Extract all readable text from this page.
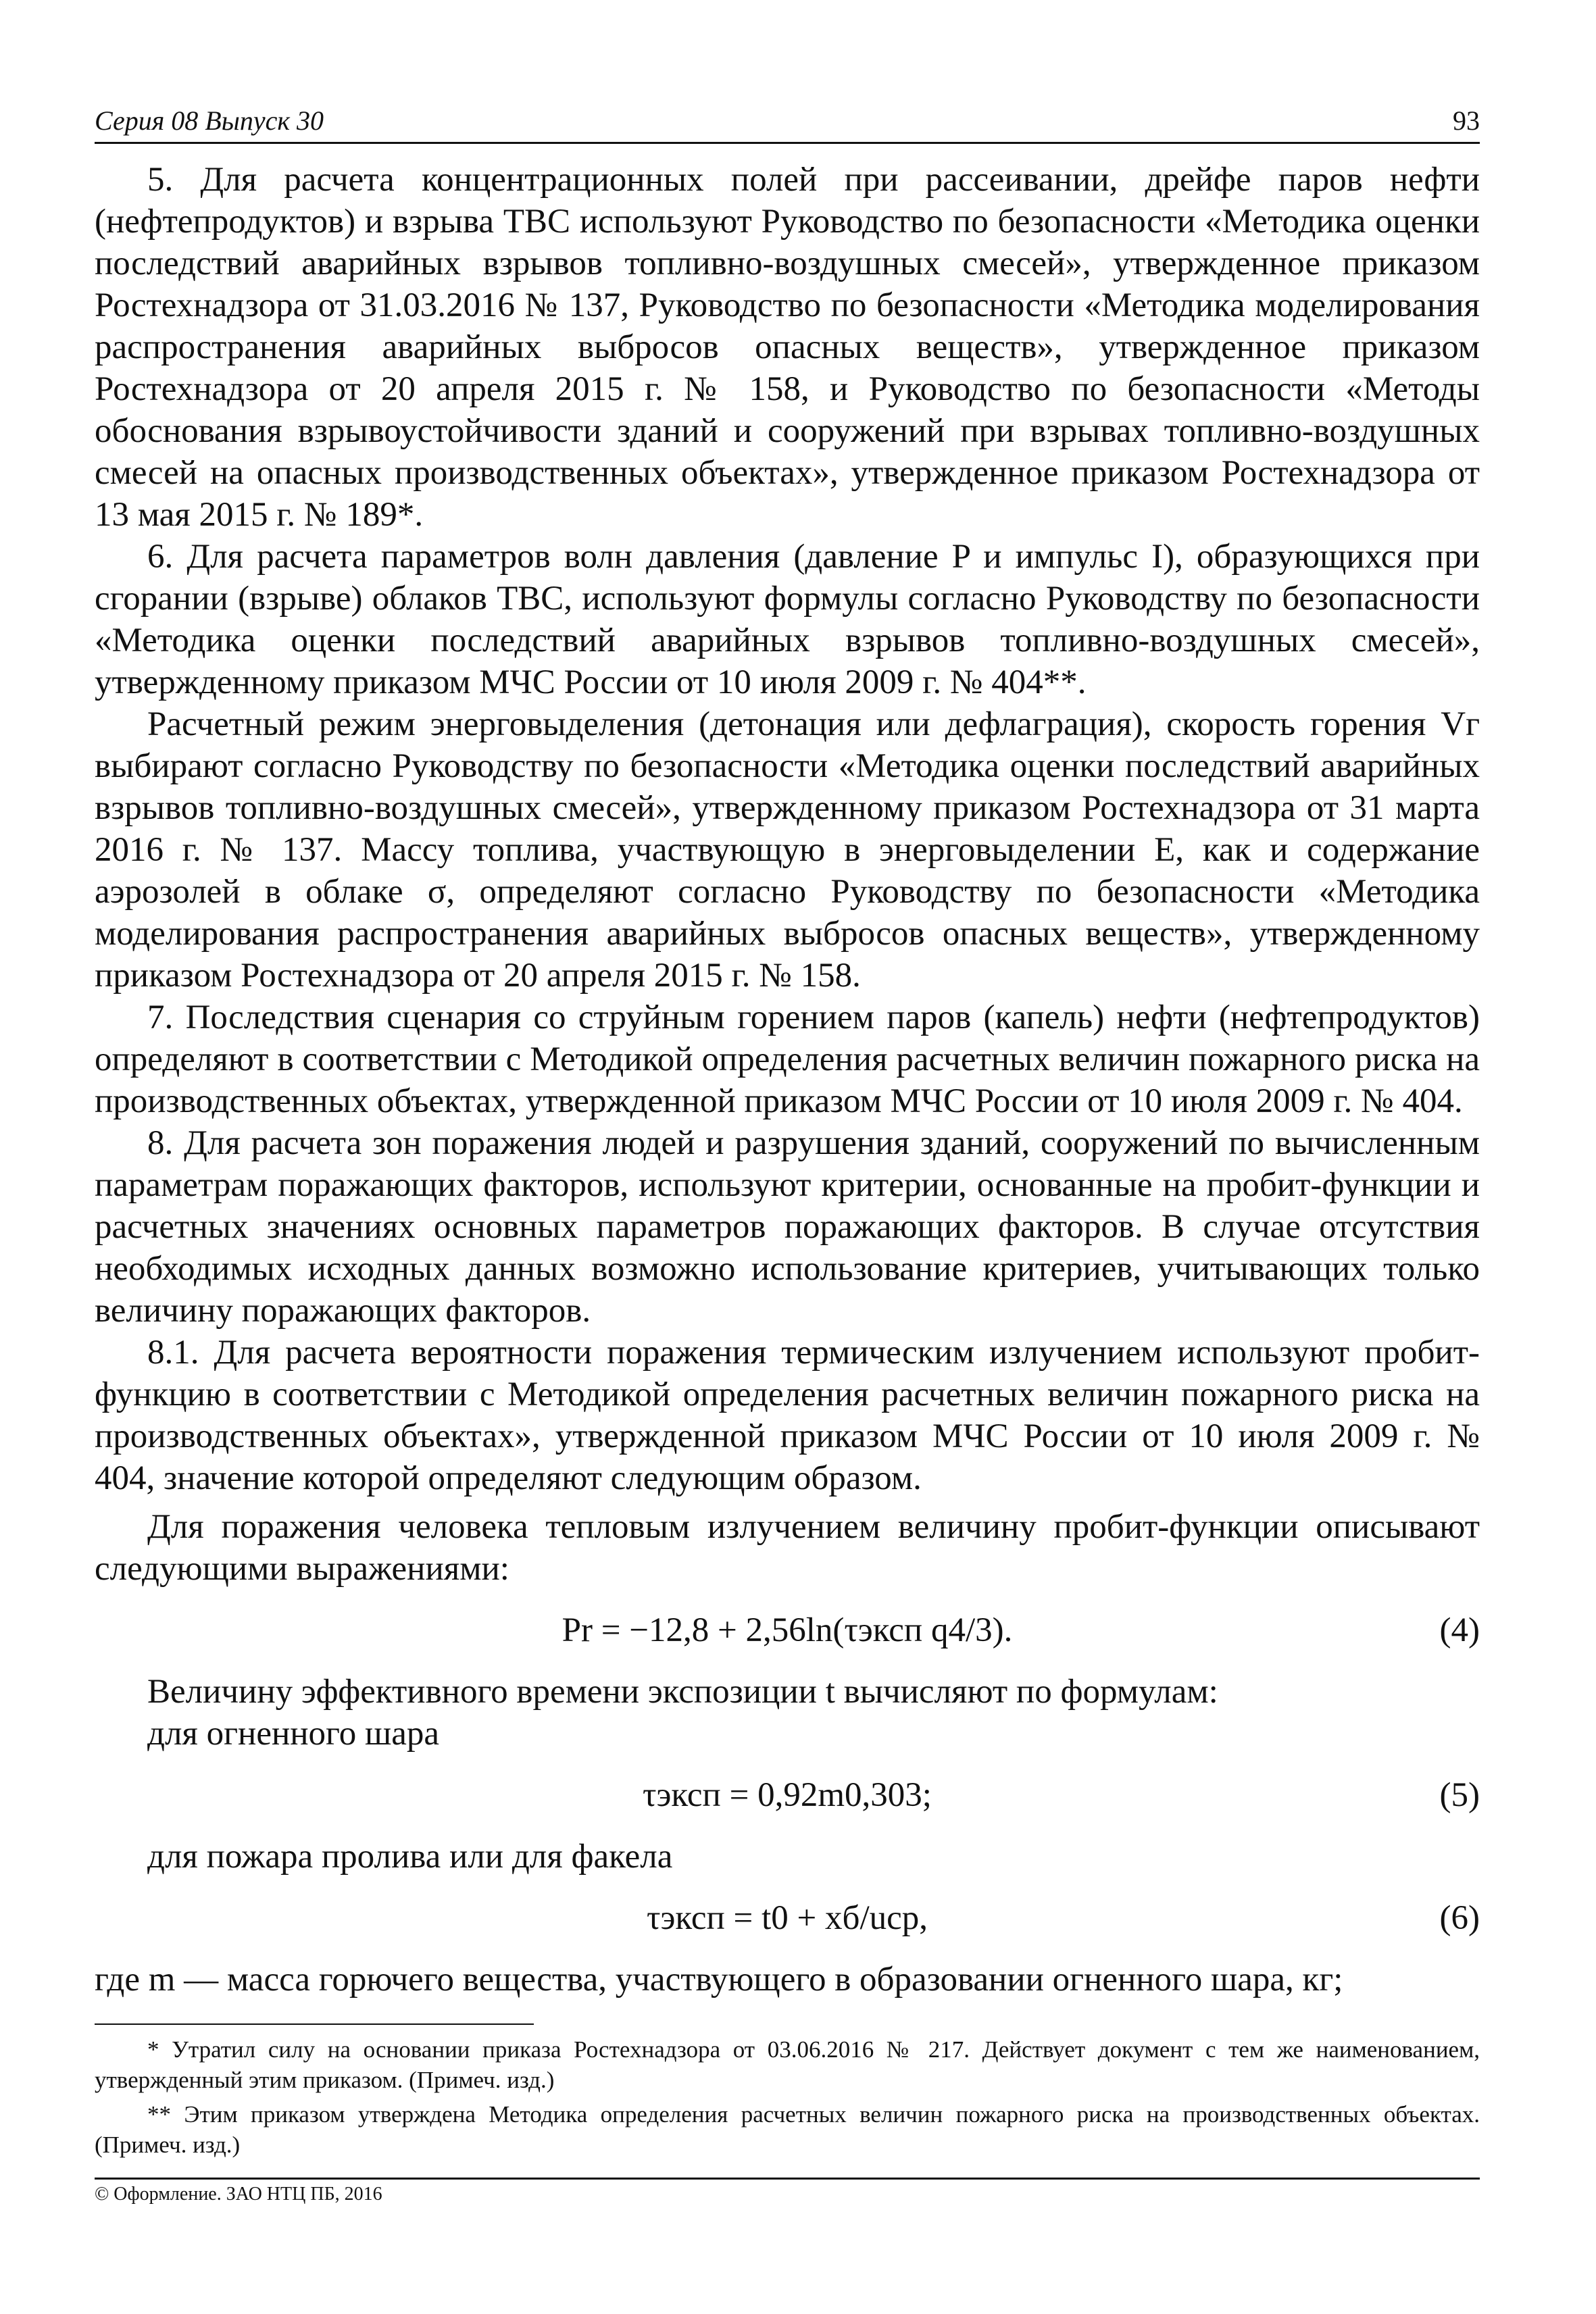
Серия 08 Выпуск 30	93

5. Для расчета концентрационных полей при рассеивании, дрейфе паров нефти (нефтепродуктов) и взрыва ТВС используют Руководство по безопасности «Методика оценки последствий аварийных взрывов топливно-воздушных смесей», утвержденное приказом Ростехнадзора от 31.03.2016 № 137, Руководство по безопасности «Методика моделирования распространения аварийных выбросов опасных веществ», утвержденное приказом Ростехнадзора от 20 апреля 2015 г. № 158, и Руководство по безопасности «Методы обоснования взрывоустойчивости зданий и сооружений при взрывах топливно-воздушных смесей на опасных производственных объектах», утвержденное приказом Ростехнадзора от 13 мая 2015 г. № 189*.

6. Для расчета параметров волн давления (давление P и импульс I), образующихся при сгорании (взрыве) облаков ТВС, используют формулы согласно Руководству по безопасности «Методика оценки последствий аварийных взрывов топливно-воздушных смесей», утвержденному приказом МЧС России от 10 июля 2009 г. № 404**.

Расчетный режим энерговыделения (детонация или дефлаграция), скорость горения Vг выбирают согласно Руководству по безопасности «Методика оценки последствий аварийных взрывов топливно-воздушных смесей», утвержденному приказом Ростехнадзора от 31 марта 2016 г. № 137. Массу топлива, участвующую в энерговыделении E, как и содержание аэрозолей в облаке σ, определяют согласно Руководству по безопасности «Методика моделирования распространения аварийных выбросов опасных веществ», утвержденному приказом Ростехнадзора от 20 апреля 2015 г. № 158.

7. Последствия сценария со струйным горением паров (капель) нефти (нефтепродуктов) определяют в соответствии с Методикой определения расчетных величин пожарного риска на производственных объектах, утвержденной приказом МЧС России от 10 июля 2009 г. № 404.

8. Для расчета зон поражения людей и разрушения зданий, сооружений по вычисленным параметрам поражающих факторов, используют критерии, основанные на пробит-функции и расчетных значениях основных параметров поражающих факторов. В случае отсутствия необходимых исходных данных возможно использование критериев, учитывающих только величину поражающих факторов.

8.1. Для расчета вероятности поражения термическим излучением используют пробит-функцию в соответствии с Методикой определения расчетных величин пожарного риска на производственных объектах», утвержденной приказом МЧС России от 10 июля 2009 г. № 404, значение которой определяют следующим образом.

Для поражения человека тепловым излучением величину пробит-функции описывают следующими выражениями:

Pr = −12,8 + 2,56ln(τэксп q4/3).	(4)

Величину эффективного времени экспозиции t вычисляют по формулам:

для огненного шара

τэксп = 0,92m0,303;	(5)

для пожара пролива или для факела

τэксп = t0 + xб/uср,	(6)

где m — масса горючего вещества, участвующего в образовании огненного шара, кг;

* Утратил силу на основании приказа Ростехнадзора от 03.06.2016 № 217. Действует документ с тем же наименованием, утвержденный этим приказом. (Примеч. изд.)

** Этим приказом утверждена Методика определения расчетных величин пожарного риска на производственных объектах. (Примеч. изд.)

© Оформление. ЗАО НТЦ ПБ, 2016
